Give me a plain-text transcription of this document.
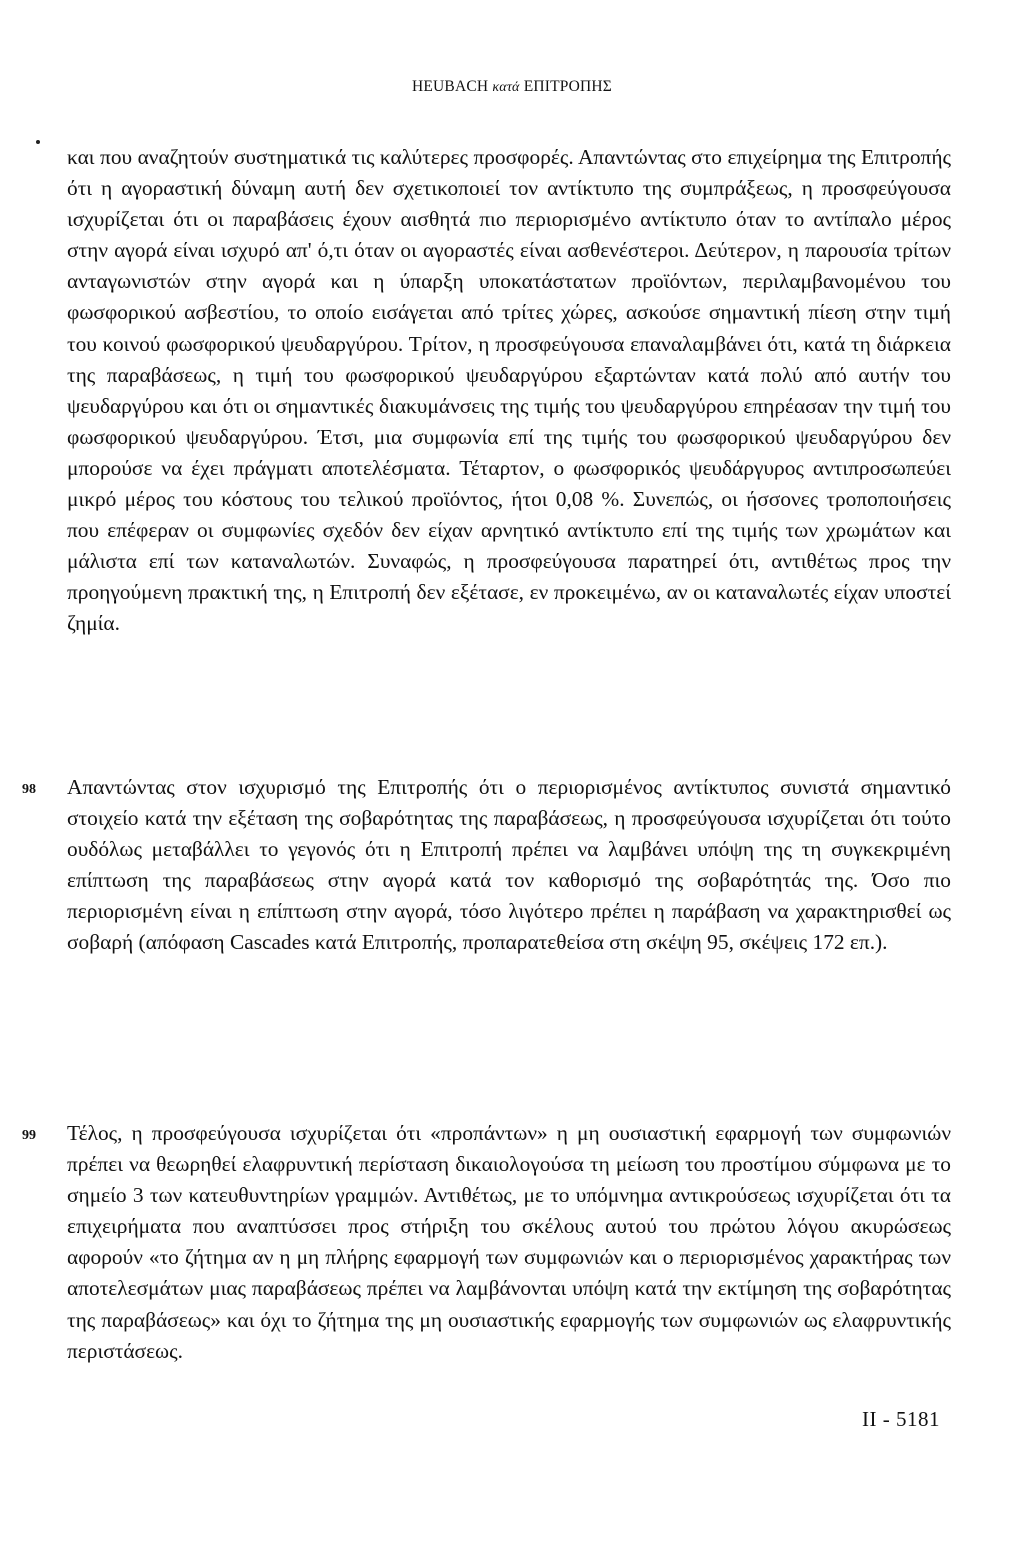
HEUBACH κατά ΕΠΙΤΡΟΠΗΣ
και που αναζητούν συστηματικά τις καλύτερες προσφορές. Απαντώντας στο επιχείρημα της Επιτροπής ότι η αγοραστική δύναμη αυτή δεν σχετικοποιεί τον αντίκτυπο της συμπράξεως, η προσφεύγουσα ισχυρίζεται ότι οι παραβάσεις έχουν αισθητά πιο περιορισμένο αντίκτυπο όταν το αντίπαλο μέρος στην αγορά είναι ισχυρό απ' ό,τι όταν οι αγοραστές είναι ασθενέστεροι. Δεύτερον, η παρουσία τρίτων ανταγωνιστών στην αγορά και η ύπαρξη υποκατάστατων προϊόντων, περιλαμβανομένου του φωσφορικού ασβεστίου, το οποίο εισάγεται από τρίτες χώρες, ασκούσε σημαντική πίεση στην τιμή του κοινού φωσφορικού ψευδαργύρου. Τρίτον, η προσφεύγουσα επαναλαμβάνει ότι, κατά τη διάρκεια της παραβάσεως, η τιμή του φωσφορικού ψευδαργύρου εξαρτώνταν κατά πολύ από αυτήν του ψευδαργύρου και ότι οι σημαντικές διακυμάνσεις της τιμής του ψευδαργύρου επηρέασαν την τιμή του φωσφορικού ψευδαργύρου. Έτσι, μια συμφωνία επί της τιμής του φωσφορικού ψευδαργύρου δεν μπορούσε να έχει πράγματι αποτελέσματα. Τέταρτον, ο φωσφορικός ψευδάργυρος αντιπροσωπεύει μικρό μέρος του κόστους του τελικού προϊόντος, ήτοι 0,08 %. Συνεπώς, οι ήσσονες τροποποιήσεις που επέφεραν οι συμφωνίες σχεδόν δεν είχαν αρνητικό αντίκτυπο επί της τιμής των χρωμάτων και μάλιστα επί των καταναλωτών. Συναφώς, η προσφεύγουσα παρατηρεί ότι, αντιθέτως προς την προηγούμενη πρακτική της, η Επιτροπή δεν εξέτασε, εν προκειμένω, αν οι καταναλωτές είχαν υποστεί ζημία.
98 Απαντώντας στον ισχυρισμό της Επιτροπής ότι ο περιορισμένος αντίκτυπος συνιστά σημαντικό στοιχείο κατά την εξέταση της σοβαρότητας της παραβάσεως, η προσφεύγουσα ισχυρίζεται ότι τούτο ουδόλως μεταβάλλει το γεγονός ότι η Επιτροπή πρέπει να λαμβάνει υπόψη της τη συγκεκριμένη επίπτωση της παραβάσεως στην αγορά κατά τον καθορισμό της σοβαρότητάς της. Όσο πιο περιορισμένη είναι η επίπτωση στην αγορά, τόσο λιγότερο πρέπει η παράβαση να χαρακτηρισθεί ως σοβαρή (απόφαση Cascades κατά Επιτροπής, προπαρατεθείσα στη σκέψη 95, σκέψεις 172 επ.).
99 Τέλος, η προσφεύγουσα ισχυρίζεται ότι «προπάντων» η μη ουσιαστική εφαρμογή των συμφωνιών πρέπει να θεωρηθεί ελαφρυντική περίσταση δικαιολογούσα τη μείωση του προστίμου σύμφωνα με το σημείο 3 των κατευθυντηρίων γραμμών. Αντιθέτως, με το υπόμνημα αντικρούσεως ισχυρίζεται ότι τα επιχειρήματα που αναπτύσσει προς στήριξη του σκέλους αυτού του πρώτου λόγου ακυρώσεως αφορούν «το ζήτημα αν η μη πλήρης εφαρμογή των συμφωνιών και ο περιορισμένος χαρακτήρας των αποτελεσμάτων μιας παραβάσεως πρέπει να λαμβάνονται υπόψη κατά την εκτίμηση της σοβαρότητας της παραβάσεως» και όχι το ζήτημα της μη ουσιαστικής εφαρμογής των συμφωνιών ως ελαφρυντικής περιστάσεως.
II - 5181
